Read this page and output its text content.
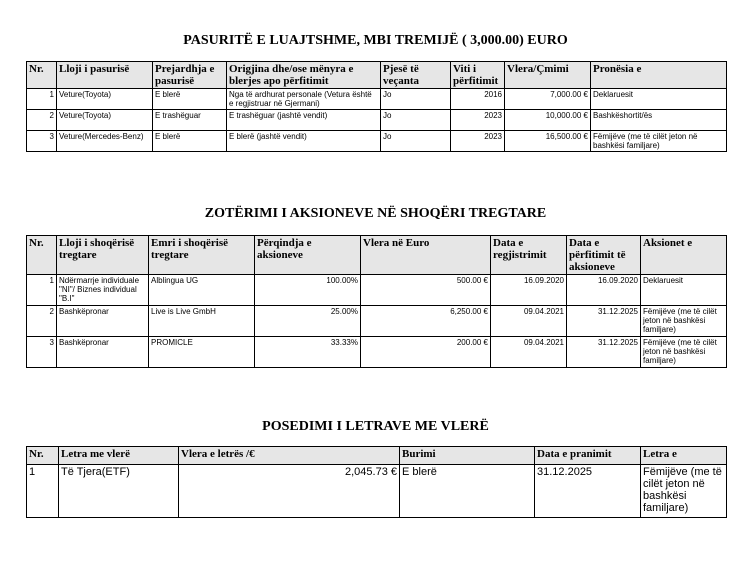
PASURITË E LUAJTSHME, MBI TREMIJË ( 3,000.00) EURO
Nr.	Lloji i pasurisë	Prejardhja e pasurisë	Origjina dhe/ose mënyra e blerjes apo përfitimit	Pjesë të veçanta	Viti i përfitimit	Vlera/Çmimi	Pronësia e
1	Veture(Toyota)	E blerë	Nga të ardhurat personale (Vetura është e regjistruar në Gjermani)	Jo	2016	7,000.00 €	Deklaruesit
2	Veture(Toyota)	E trashëguar	E trashëguar (jashtë vendit)	Jo	2023	10,000.00 €	Bashkëshortit/ës
3	Veture(Mercedes-Benz)	E blerë	E blerë (jashtë vendit)	Jo	2023	16,500.00 €	Fëmijëve (me të cilët jeton në bashkësi familjare)
ZOTËRIMI I AKSIONEVE NË SHOQËRI TREGTARE
Nr.	Lloji i shoqërisë tregtare	Emri i shoqërisë tregtare	Përqindja e aksioneve	Vlera në Euro	Data e regjistrimit	Data e përfitimit të aksioneve	Aksionet e
1	Ndërmarrje individuale "NI"/ Biznes individual "B.I"	Alblingua UG	100.00%	500.00 €	16.09.2020	16.09.2020	Deklaruesit
2	Bashkëpronar	Live is Live GmbH	25.00%	6,250.00 €	09.04.2021	31.12.2025	Fëmijëve (me të cilët jeton në bashkësi familjare)
3	Bashkëpronar	PROMICLE	33.33%	200.00 €	09.04.2021	31.12.2025	Fëmijëve (me të cilët jeton në bashkësi familjare)
POSEDIMI I LETRAVE ME VLERË
Nr.	Letra me vlerë	Vlera e letrës /€	Burimi	Data e pranimit	Letra e
1	Të Tjera(ETF)	2,045.73 €	E blerë	31.12.2025	Fëmijëve (me të cilët jeton në bashkësi familjare)
